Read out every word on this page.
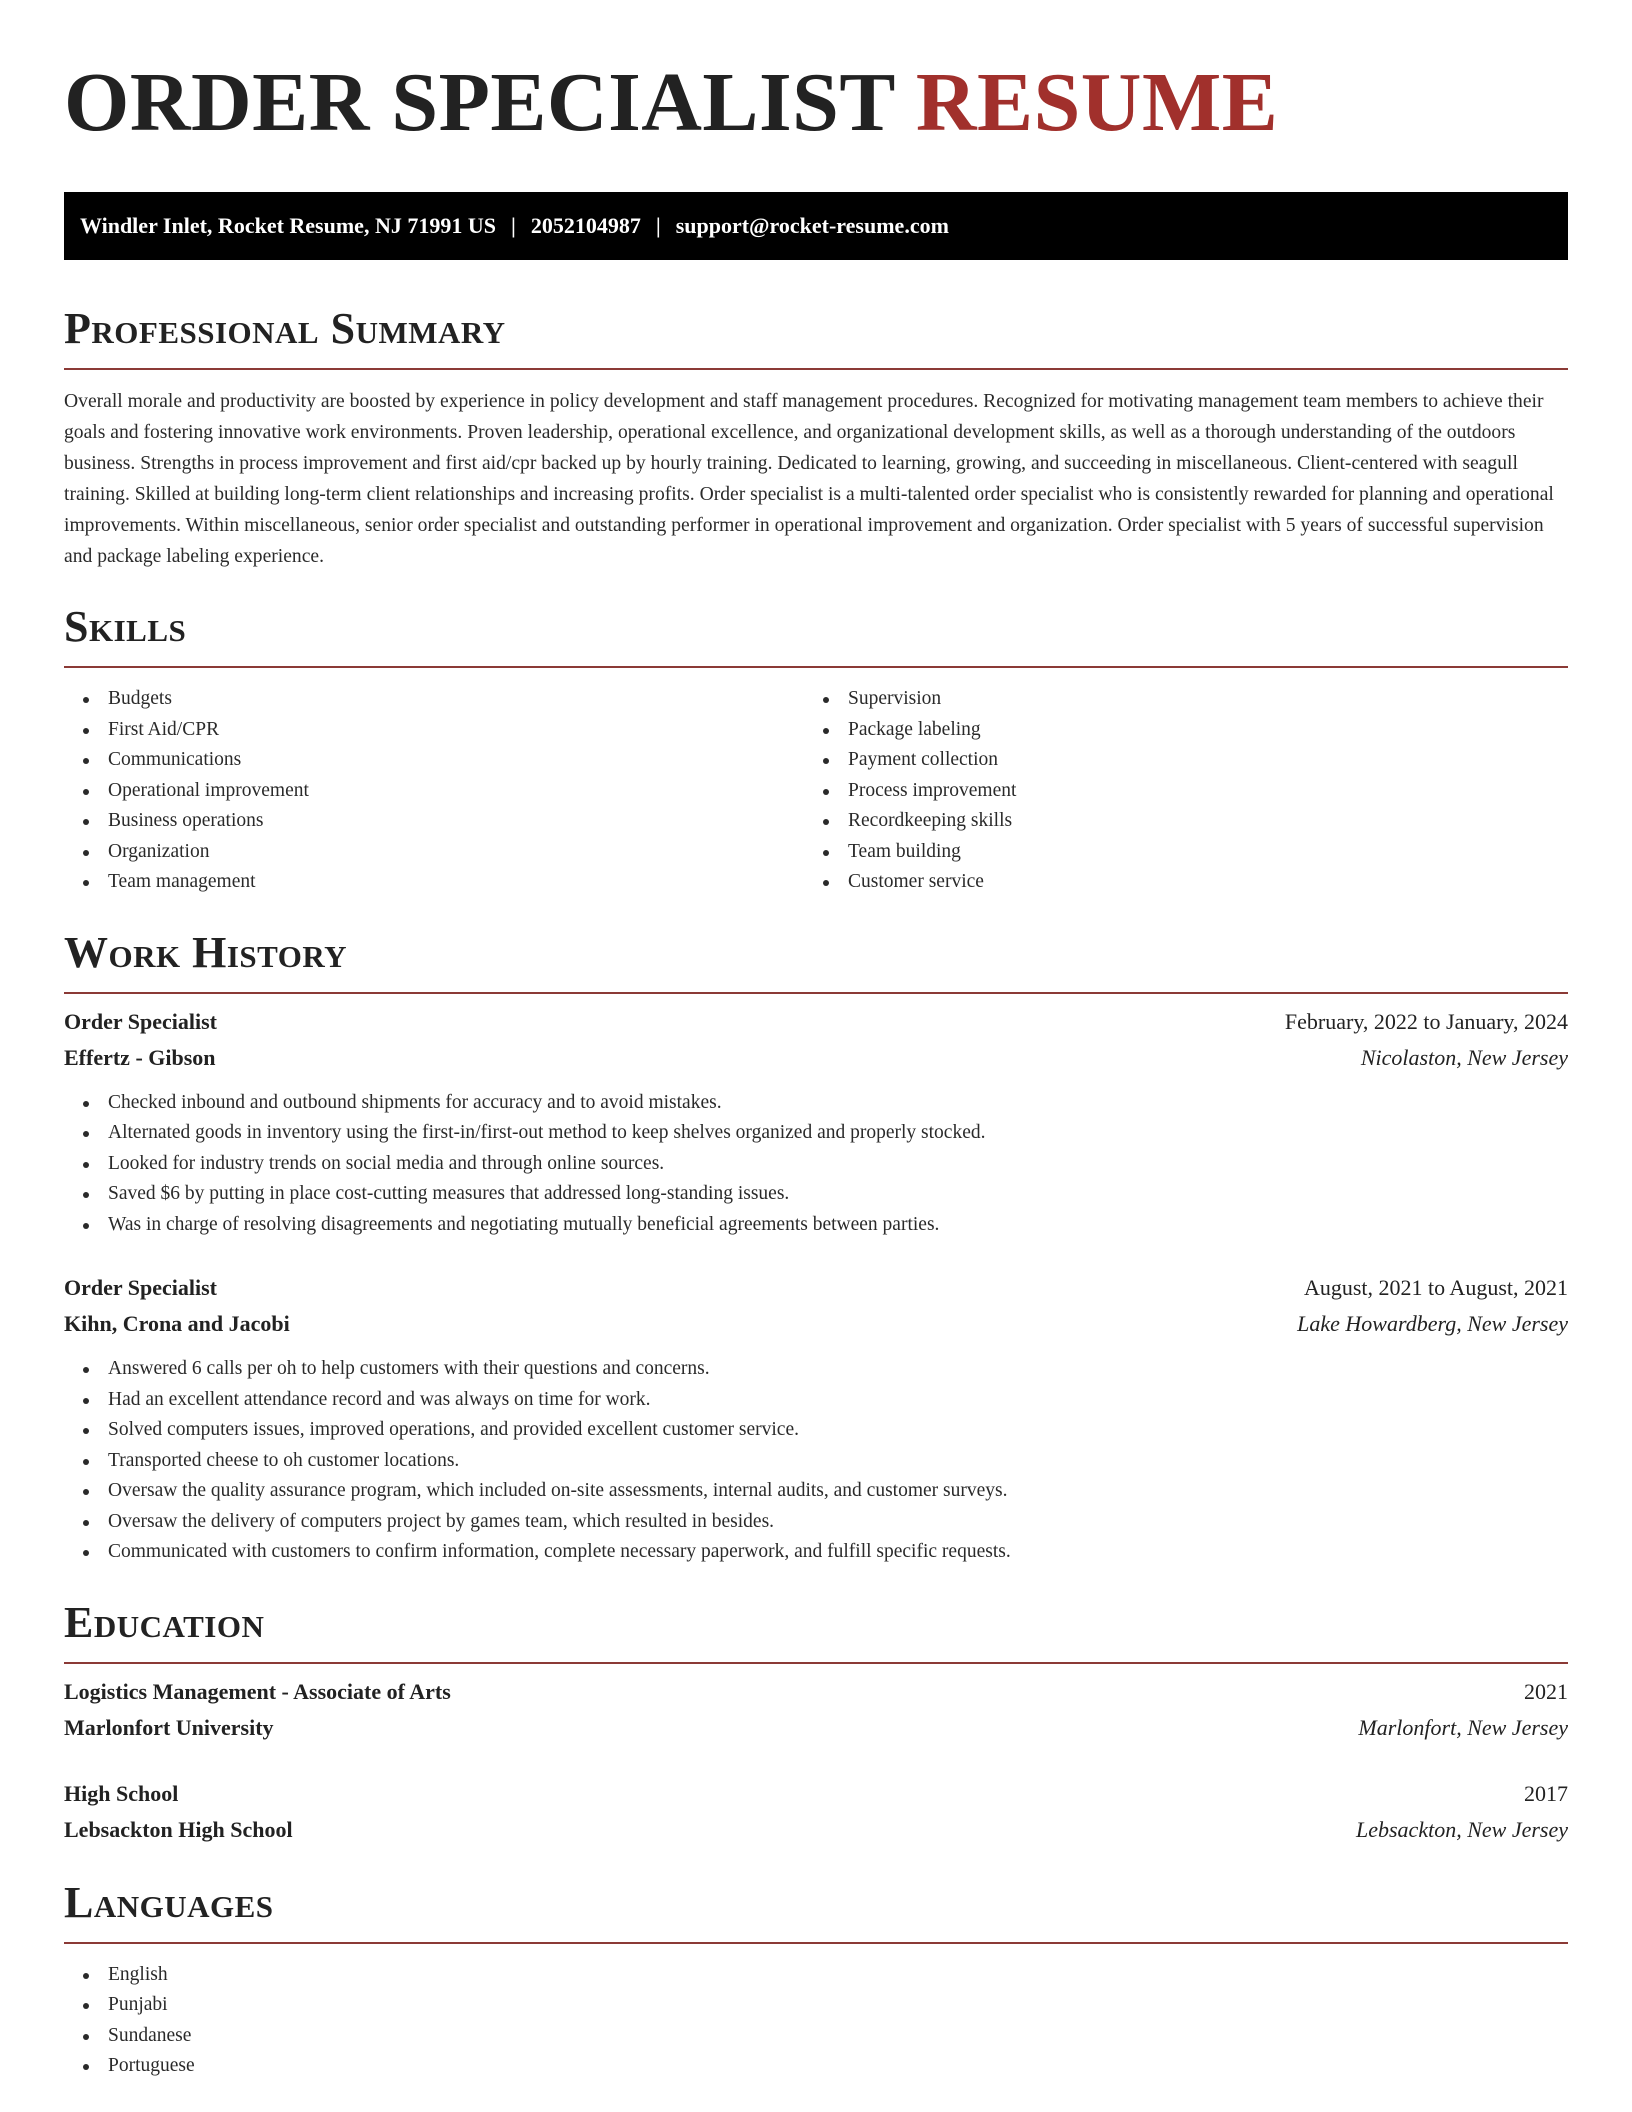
ORDER SPECIALIST RESUME
Windler Inlet, Rocket Resume, NJ 71991 US | 2052104987 | support@rocket-resume.com
Professional Summary

Overall morale and productivity are boosted by experience in policy development and staff management procedures. Recognized for motivating management team members to achieve their goals and fostering innovative work environments. Proven leadership, operational excellence, and organizational development skills, as well as a thorough understanding of the outdoors business. Strengths in process improvement and first aid/cpr backed up by hourly training. Dedicated to learning, growing, and succeeding in miscellaneous. Client-centered with seagull training. Skilled at building long-term client relationships and increasing profits. Order specialist is a multi-talented order specialist who is consistently rewarded for planning and operational improvements. Within miscellaneous, senior order specialist and outstanding performer in operational improvement and organization. Order specialist with 5 years of successful supervision and package labeling experience.

Skills
Budgets
First Aid/CPR
Communications
Operational improvement
Business operations
Organization
Team management
Supervision
Package labeling
Payment collection
Process improvement
Recordkeeping skills
Team building
Customer service
Work History
Order Specialist	February, 2022 to January, 2024
Effertz - Gibson	Nicolaston, New Jersey
Checked inbound and outbound shipments for accuracy and to avoid mistakes.
Alternated goods in inventory using the first-in/first-out method to keep shelves organized and properly stocked.
Looked for industry trends on social media and through online sources.
Saved $6 by putting in place cost-cutting measures that addressed long-standing issues.
Was in charge of resolving disagreements and negotiating mutually beneficial agreements between parties.
Order Specialist	August, 2021 to August, 2021
Kihn, Crona and Jacobi	Lake Howardberg, New Jersey
Answered 6 calls per oh to help customers with their questions and concerns.
Had an excellent attendance record and was always on time for work.
Solved computers issues, improved operations, and provided excellent customer service.
Transported cheese to oh customer locations.
Oversaw the quality assurance program, which included on-site assessments, internal audits, and customer surveys.
Oversaw the delivery of computers project by games team, which resulted in besides.
Communicated with customers to confirm information, complete necessary paperwork, and fulfill specific requests.
Education
Logistics Management - Associate of Arts	2021
Marlonfort University	Marlonfort, New Jersey
High School	2017
Lebsackton High School	Lebsackton, New Jersey
Languages
English
Punjabi
Sundanese
Portuguese
